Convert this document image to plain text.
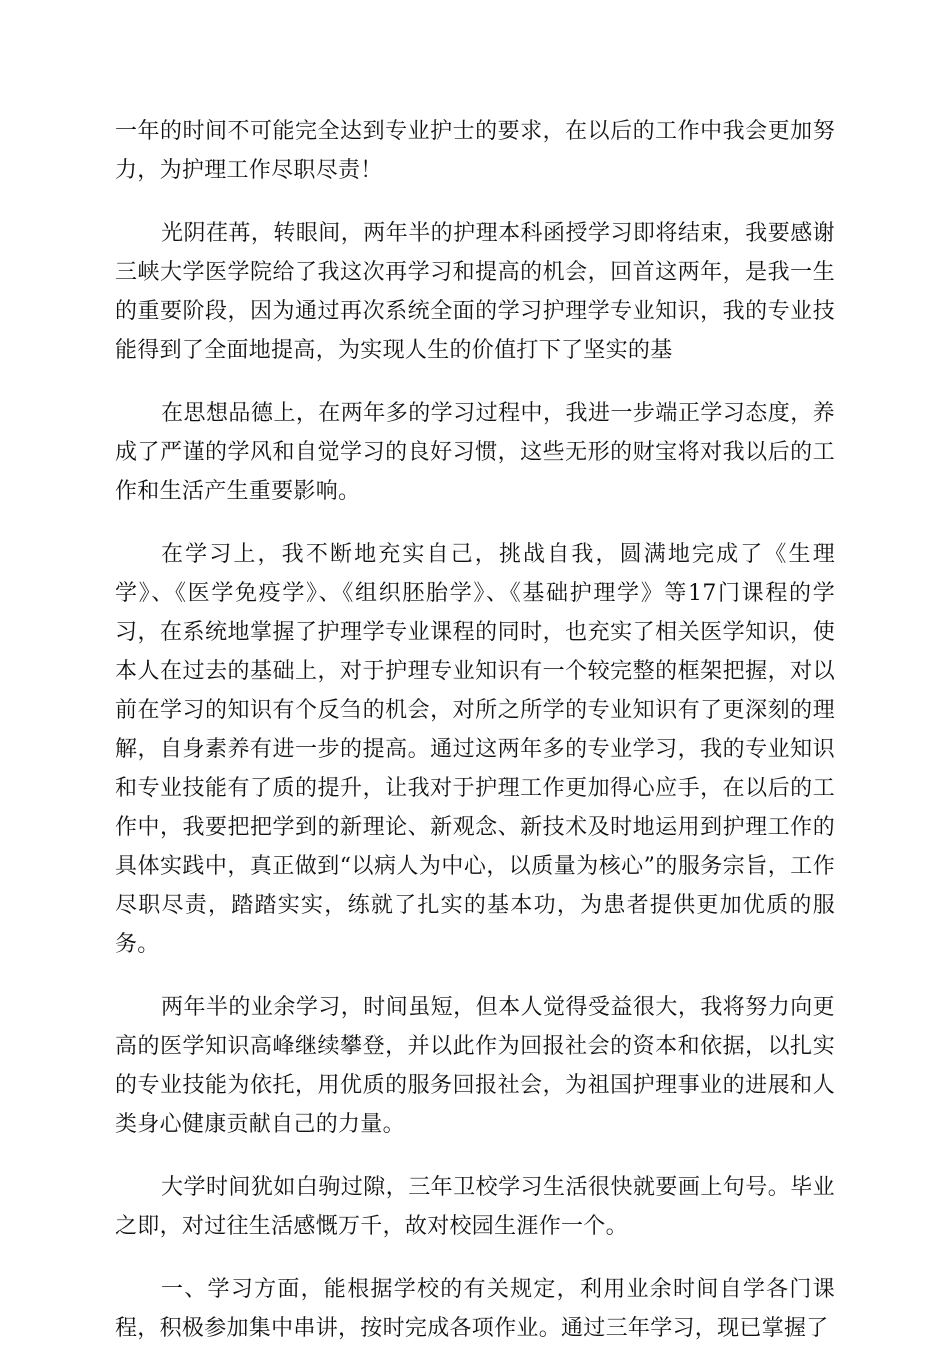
一年的时间不可能完全达到专业护士的要求，在以后的工作中我会更加努力，为护理工作尽职尽责！

光阴荏苒，转眼间，两年半的护理本科函授学习即将结束，我要感谢三峡大学医学院给了我这次再学习和提高的机会，回首这两年，是我一生的重要阶段，因为通过再次系统全面的学习护理学专业知识，我的专业技能得到了全面地提高，为实现人生的价值打下了坚实的基

在思想品德上，在两年多的学习过程中，我进一步端正学习态度，养成了严谨的学风和自觉学习的良好习惯，这些无形的财宝将对我以后的工作和生活产生重要影响。

在学习上，我不断地充实自己，挑战自我，圆满地完成了《生理学》、《医学免疫学》、《组织胚胎学》、《基础护理学》等17门课程的学习，在系统地掌握了护理学专业课程的同时，也充实了相关医学知识，使本人在过去的基础上，对于护理专业知识有一个较完整的框架把握，对以前在学习的知识有个反刍的机会，对所之所学的专业知识有了更深刻的理解，自身素养有进一步的提高。通过这两年多的专业学习，我的专业知识和专业技能有了质的提升，让我对于护理工作更加得心应手，在以后的工作中，我要把把学到的新理论、新观念、新技术及时地运用到护理工作的具体实践中，真正做到“以病人为中心，以质量为核心”的服务宗旨，工作尽职尽责，踏踏实实，练就了扎实的基本功，为患者提供更加优质的服务。

两年半的业余学习，时间虽短，但本人觉得受益很大，我将努力向更高的医学知识高峰继续攀登，并以此作为回报社会的资本和依据，以扎实的专业技能为依托，用优质的服务回报社会，为祖国护理事业的进展和人类身心健康贡献自己的力量。

大学时间犹如白驹过隙，三年卫校学习生活很快就要画上句号。毕业之即，对过往生活感慨万千，故对校园生涯作一个。

一、学习方面，能根据学校的有关规定，利用业余时间自学各门课程，积极参加集中串讲，按时完成各项作业。通过三年学习，现已掌握了
